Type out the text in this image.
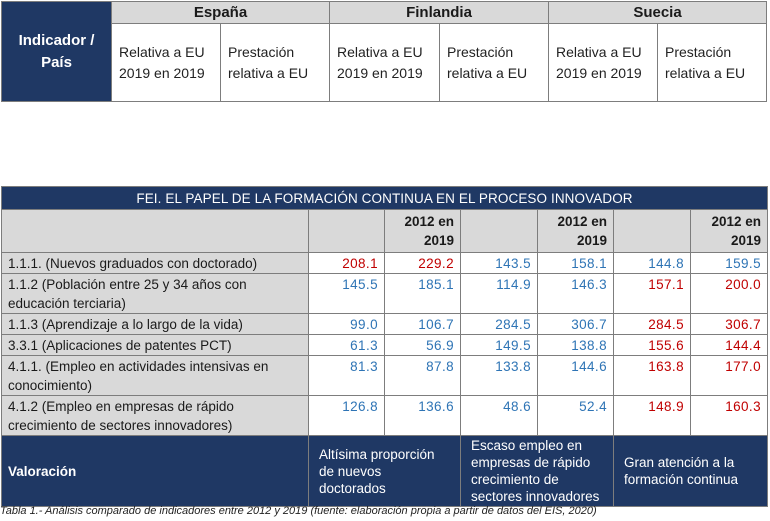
Indicador / País	España		Finlandia		Suecia	
	Relativa a EU 2019 en 2019	Prestación relativa a EU	Relativa a EU 2019 en 2019	Prestación relativa a EU	Relativa a EU 2019 en 2019	Prestación relativa a EU
FEI. EL PAPEL DE LA FORMACIÓN CONTINUA EN EL PROCESO INNOVADOR						
		2012 en 2019		2012 en 2019		2012 en 2019
1.1.1. (Nuevos graduados con doctorado)	208.1	229.2	143.5	158.1	144.8	159.5
1.1.2 (Población entre 25 y 34 años con educación terciaria)	145.5	185.1	114.9	146.3	157.1	200.0
1.1.3 (Aprendizaje a lo largo de la vida)	99.0	106.7	284.5	306.7	284.5	306.7
3.3.1 (Aplicaciones de patentes PCT)	61.3	56.9	149.5	138.8	155.6	144.4
4.1.1. (Empleo en actividades intensivas en conocimiento)	81.3	87.8	133.8	144.6	163.8	177.0
4.1.2 (Empleo en empresas de rápido crecimiento de sectores innovadores)	126.8	136.6	48.6	52.4	148.9	160.3
Valoración	Altísima proporción de nuevos doctorados		Escaso empleo en empresas de rápido crecimiento de sectores innovadores		Gran atención a la formación continua	
Tabla 1.- Análisis comparado de indicadores entre 2012 y 2019 (fuente: elaboración propia a partir de datos del EIS, 2020)
